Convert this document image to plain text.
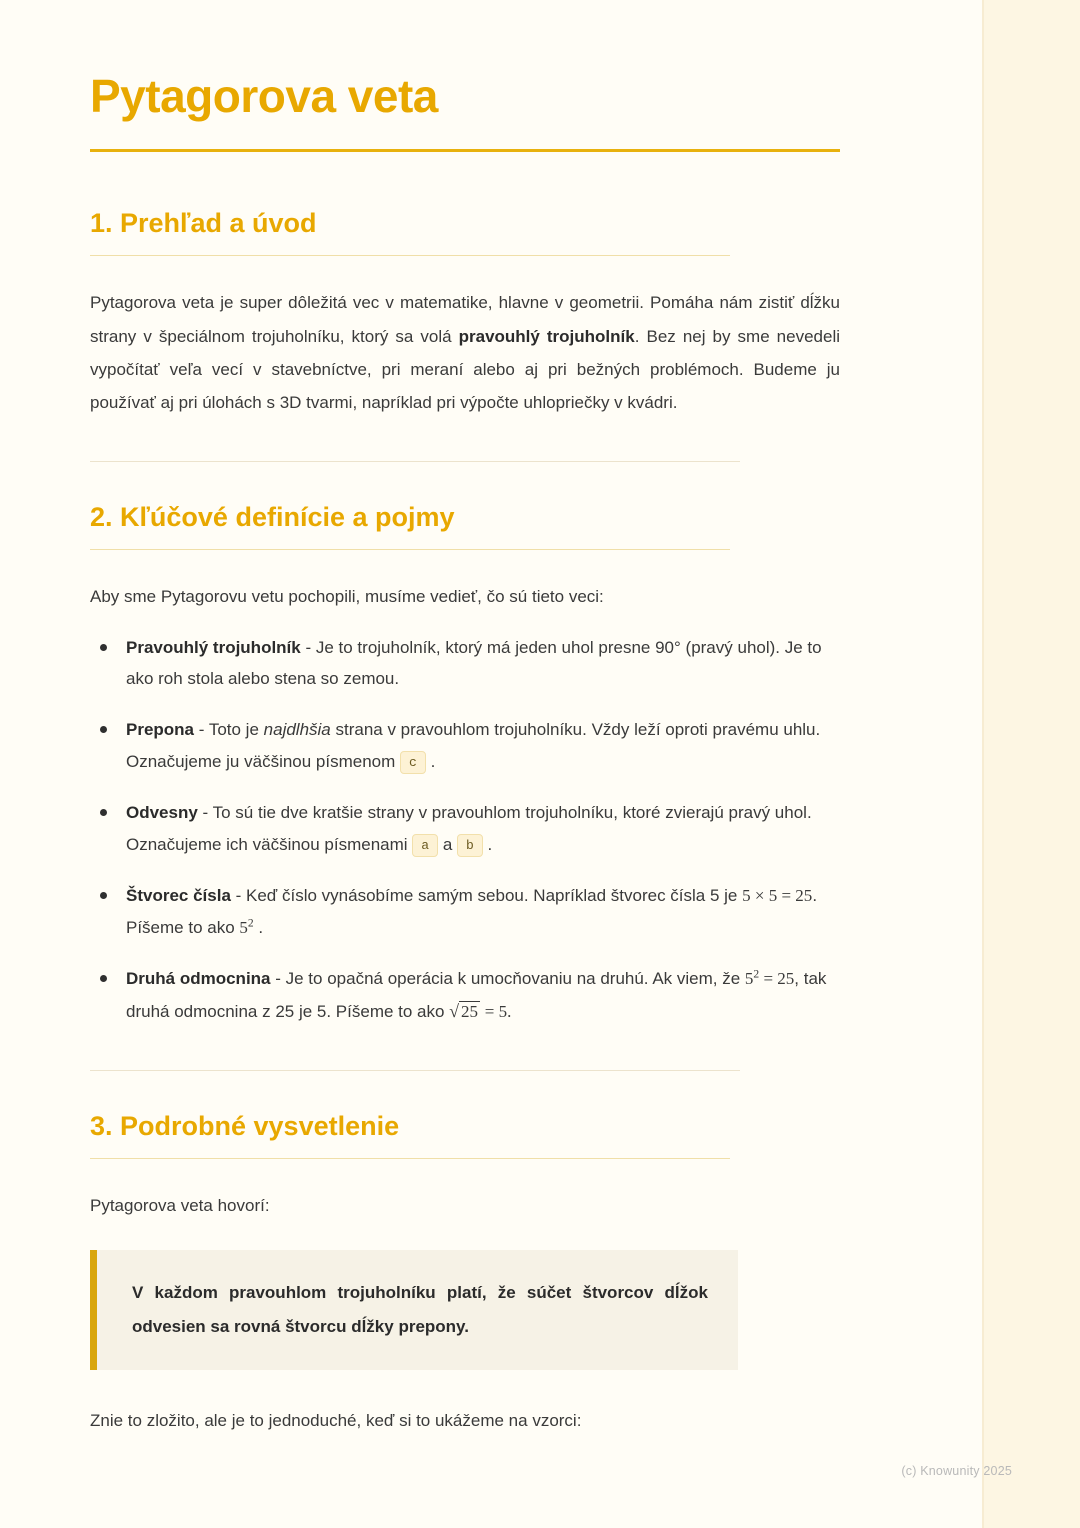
Pytagorova veta
1. Prehľad a úvod

Pytagorova veta je super dôležitá vec v matematike, hlavne v geometrii. Pomáha nám zistiť dĺžku strany v špeciálnom trojuholníku, ktorý sa volá pravouhlý trojuholník. Bez nej by sme nevedeli vypočítať veľa vecí v stavebníctve, pri meraní alebo aj pri bežných problémoch. Budeme ju používať aj pri úlohách s 3D tvarmi, napríklad pri výpočte uhlopriečky v kvádri.

2. Kľúčové definície a pojmy

Aby sme Pytagorovu vetu pochopili, musíme vedieť, čo sú tieto veci:

Pravouhlý trojuholník - Je to trojuholník, ktorý má jeden uhol presne 90° (pravý uhol). Je to ako roh stola alebo stena so zemou.
Prepona - Toto je najdlhšia strana v pravouhlom trojuholníku. Vždy leží oproti pravému uhlu. Označujeme ju väčšinou písmenom c .
Odvesny - To sú tie dve kratšie strany v pravouhlom trojuholníku, ktoré zvierajú pravý uhol. Označujeme ich väčšinou písmenami a a b .
Štvorec čísla - Keď číslo vynásobíme samým sebou. Napríklad štvorec čísla 5 je 5 × 5 = 25. Píšeme to ako $5^2$ .
Druhá odmocnina - Je to opačná operácia k umocňovaniu na druhú. Ak viem, že $5^2 = 25$, tak druhá odmocnina z 25 je 5. Píšeme to ako √ 25 = 5.
3. Podrobné vysvetlenie

Pytagorova veta hovorí:

V každom pravouhlom trojuholníku platí, že súčet štvorcov dĺžok odvesien sa rovná štvorcu dĺžky prepony.

Znie to zložito, ale je to jednoduché, keď si to ukážeme na vzorci:

(c) Knowunity 2025
